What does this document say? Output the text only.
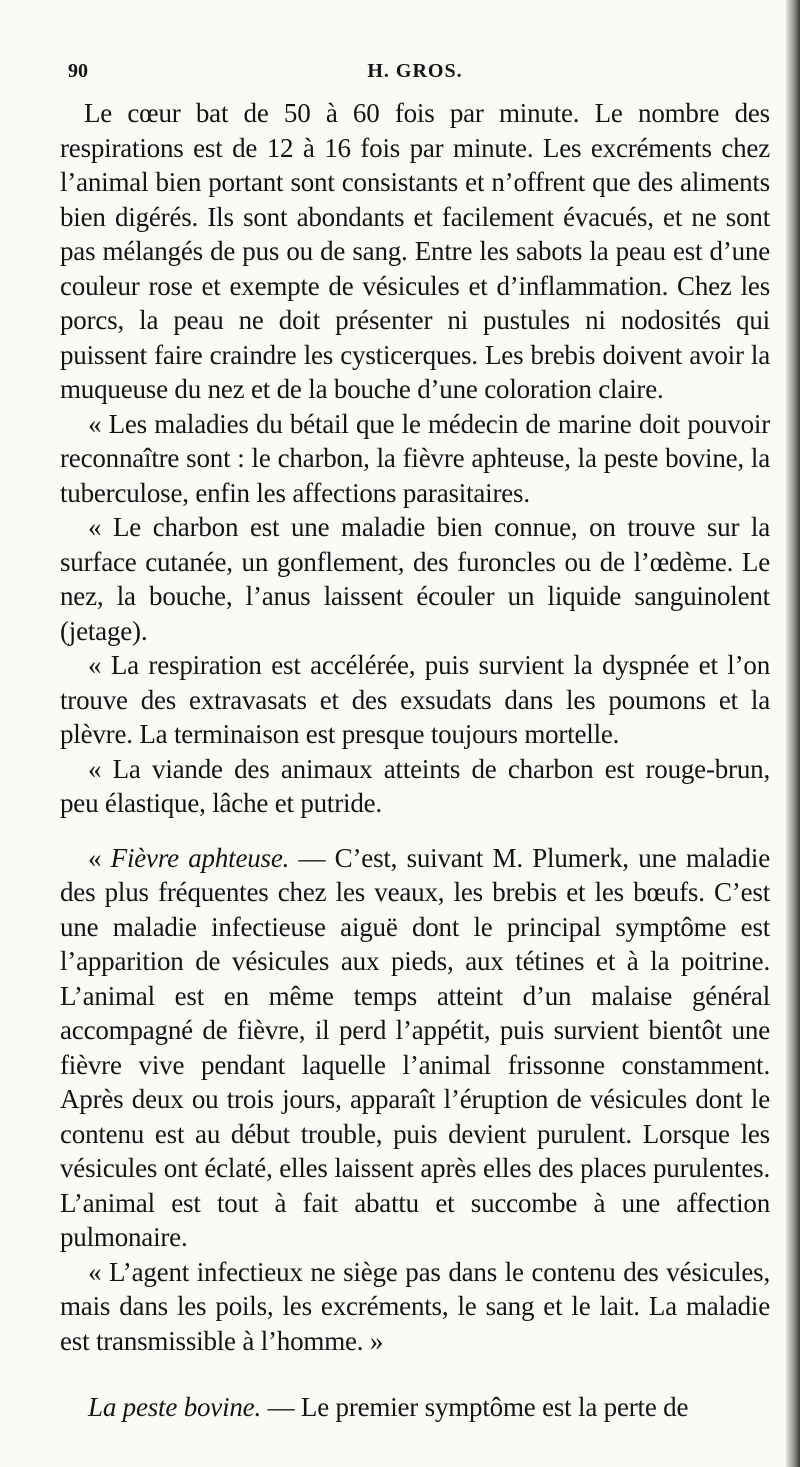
90	H. GROS.

Le cœur bat de 50 à 60 fois par minute. Le nombre des respirations est de 12 à 16 fois par minute. Les excréments chez l’animal bien portant sont consistants et n’offrent que des aliments bien digérés. Ils sont abondants et facilement évacués, et ne sont pas mélangés de pus ou de sang. Entre les sabots la peau est d’une couleur rose et exempte de vésicules et d’inflammation. Chez les porcs, la peau ne doit présenter ni pustules ni nodosités qui puissent faire craindre les cysticerques. Les brebis doivent avoir la muqueuse du nez et de la bouche d’une coloration claire.

« Les maladies du bétail que le médecin de marine doit pouvoir reconnaître sont : le charbon, la fièvre aphteuse, la peste bovine, la tuberculose, enfin les affections parasitaires.

« Le charbon est une maladie bien connue, on trouve sur la surface cutanée, un gonflement, des furoncles ou de l’œdème. Le nez, la bouche, l’anus laissent écouler un liquide sanguinolent (jetage).

« La respiration est accélérée, puis survient la dyspnée et l’on trouve des extravasats et des exsudats dans les poumons et la plèvre. La terminaison est presque toujours mortelle.

« La viande des animaux atteints de charbon est rouge-brun, peu élastique, lâche et putride.

« Fièvre aphteuse. — C’est, suivant M. Plumerk, une maladie des plus fréquentes chez les veaux, les brebis et les bœufs. C’est une maladie infectieuse aiguë dont le principal symptôme est l’apparition de vésicules aux pieds, aux tétines et à la poitrine. L’animal est en même temps atteint d’un malaise général accompagné de fièvre, il perd l’appétit, puis survient bientôt une fièvre vive pendant laquelle l’animal frissonne constamment. Après deux ou trois jours, apparaît l’éruption de vésicules dont le contenu est au début trouble, puis devient purulent. Lorsque les vésicules ont éclaté, elles laissent après elles des places purulentes. L’animal est tout à fait abattu et succombe à une affection pulmonaire.

« L’agent infectieux ne siège pas dans le contenu des vésicules, mais dans les poils, les excréments, le sang et le lait. La maladie est transmissible à l’homme. »

La peste bovine. — Le premier symptôme est la perte de
